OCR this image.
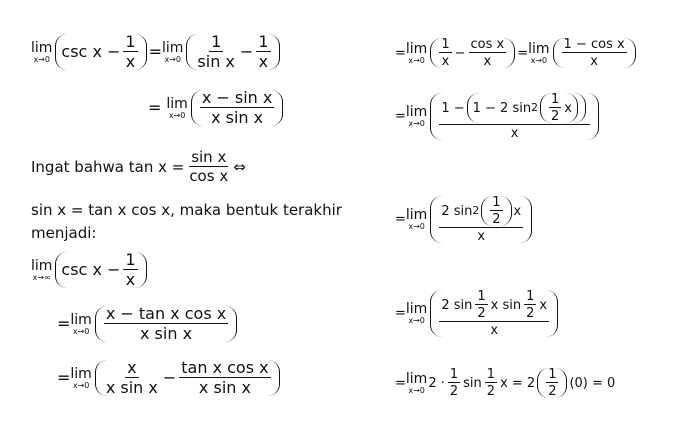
lim
x→0 $\csc x - \frac{1}{x} = \lim$
x→0
1
sin x
− $\frac{1}{x}$
= lim
x→0
x − sin x
x sin x
Ingat bahwa $\tan x = \frac{\text{sin x}}{\text{cos x}}$ ⇔
sin x = tan x cos x, maka bentuk terakhir
menjadi:
lim
x→∞ $\csc x - \frac{1}{x}$
= lim
x→0
x − tan x cos x
x sin x
= lim
x→0
x
x sin x
− $\frac{\text{tan x cos x}}{\text{x sin x}}$
= lim
x→0
1
x
− $\frac{\text{cos x}}{x} = \lim$
x→0
1 − cos x
x
= lim
x→0
1 − 1 − 2 sin 2
1
2
x
x
= lim
x→0
2 sin 2
1
2
x
x
= lim
x→0
2 sin
1
2
x sin
1
2
x
x
= lim
x→0 2 ·
1
2
sin
1
2
x = 2
1
2
(0) = 0
